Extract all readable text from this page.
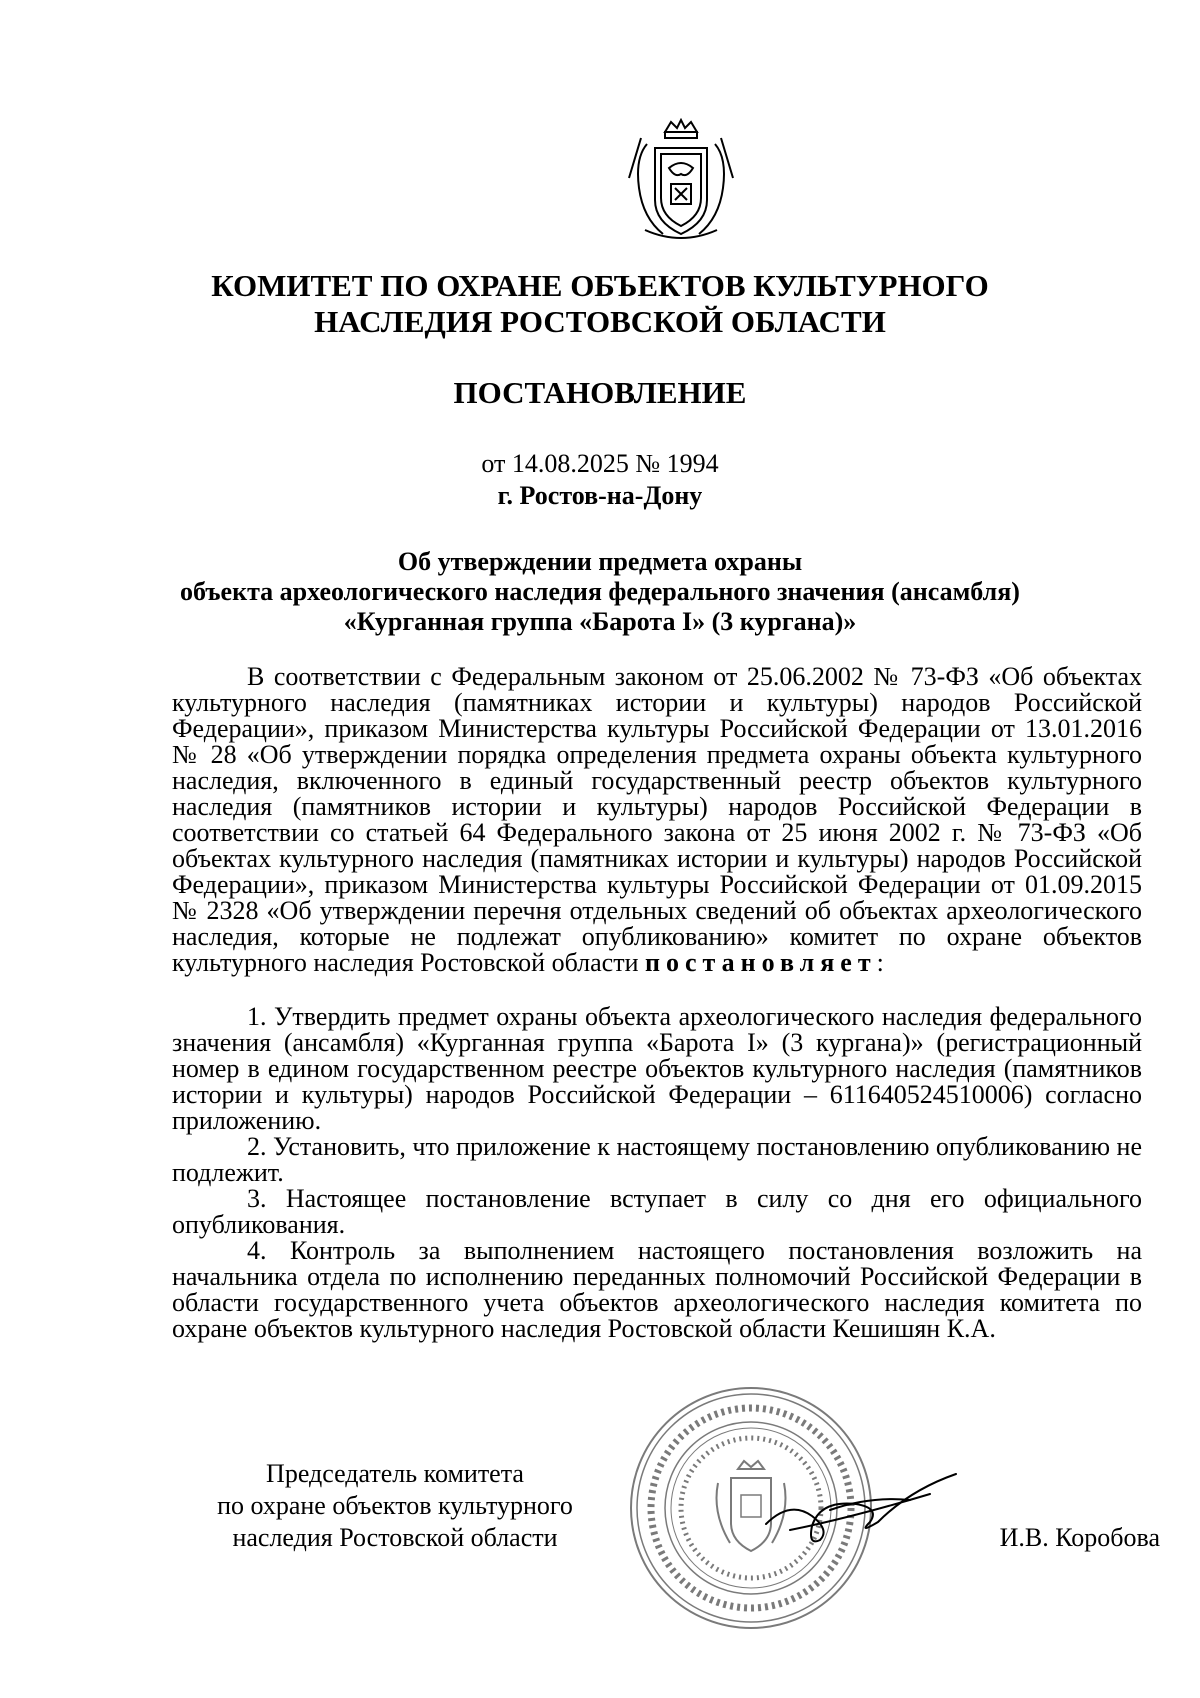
КОМИТЕТ ПО ОХРАНЕ ОБЪЕКТОВ КУЛЬТУРНОГО
НАСЛЕДИЯ РОСТОВСКОЙ ОБЛАСТИ
ПОСТАНОВЛЕНИЕ
от 14.08.2025 № 1994
г. Ростов-на-Дону
Об утверждении предмета охраны
объекта археологического наследия федерального значения (ансамбля)
«Курганная группа «Барота I» (3 кургана)»

В соответствии с Федеральным законом от 25.06.2002 № 73-ФЗ «Об объектах культурного наследия (памятниках истории и культуры) народов Российской Федерации», приказом Министерства культуры Российской Федерации от 13.01.2016 № 28 «Об утверждении порядка определения предмета охраны объекта культурного наследия, включенного в единый государственный реестр объектов культурного наследия (памятников истории и культуры) народов Российской Федерации в соответствии со статьей 64 Федерального закона от 25 июня 2002 г. № 73-ФЗ «Об объектах культурного наследия (памятниках истории и культуры) народов Российской Федерации», приказом Министерства культуры Российской Федерации от 01.09.2015 № 2328 «Об утверждении перечня отдельных сведений об объектах археологического наследия, которые не подлежат опубликованию» комитет по охране объектов культурного наследия Ростовской области постановляет:

1. Утвердить предмет охраны объекта археологического наследия федерального значения (ансамбля) «Курганная группа «Барота I» (3 кургана)» (регистрационный номер в едином государственном реестре объектов культурного наследия (памятников истории и культуры) народов Российской Федерации – 611640524510006) согласно приложению.

2. Установить, что приложение к настоящему постановлению опубликованию не подлежит.

3. Настоящее постановление вступает в силу со дня его официального опубликования.

4. Контроль за выполнением настоящего постановления возложить на начальника отдела по исполнению переданных полномочий Российской Федерации в области государственного учета объектов археологического наследия комитета по охране объектов культурного наследия Ростовской области Кешишян К.А.

Председатель комитета
по охране объектов культурного
наследия Ростовской области	И.В. Коробова
